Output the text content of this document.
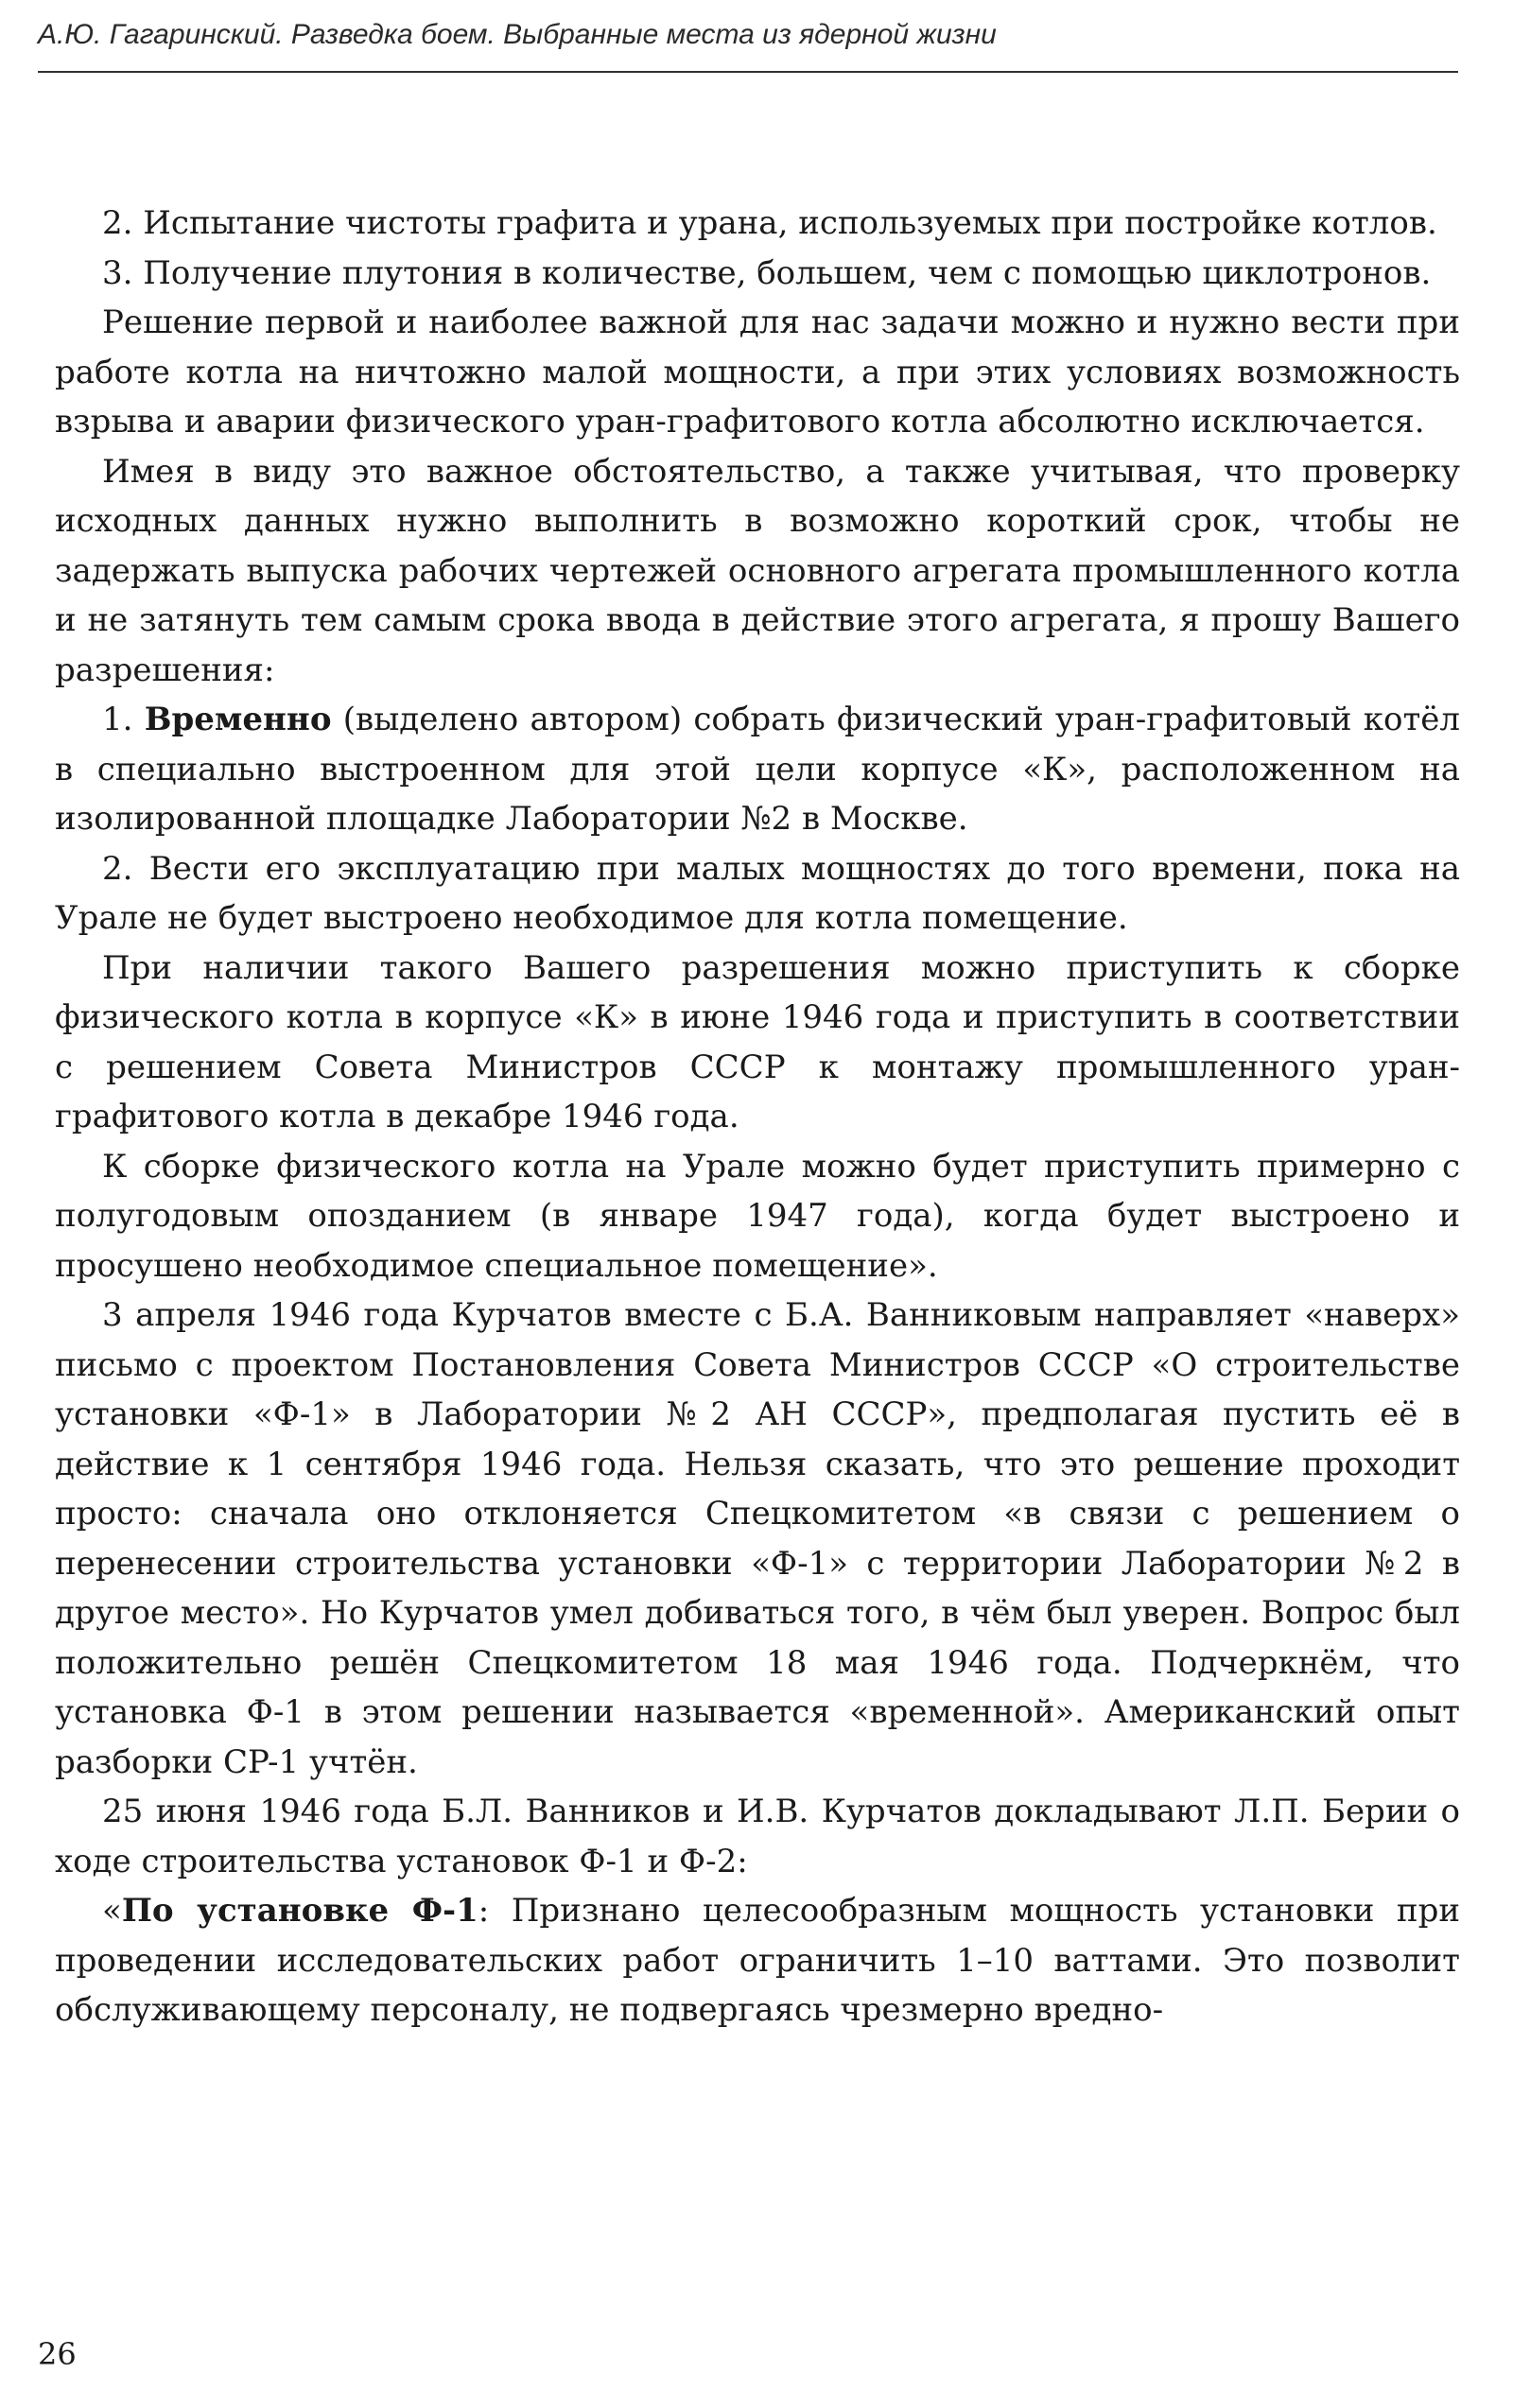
А.Ю. Гагаринский. Разведка боем. Выбранные места из ядерной жизни

2. Испытание чистоты графита и урана, используемых при постройке котлов.

3. Получение плутония в количестве, большем, чем с помощью циклотронов.

Решение первой и наиболее важной для нас задачи можно и нужно вести при работе котла на ничтожно малой мощности, а при этих условиях возможность взрыва и аварии физического уран-графитового котла абсолютно исключается.

Имея в виду это важное обстоятельство, а также учитывая, что проверку исходных данных нужно выполнить в возможно короткий срок, чтобы не задержать выпуска рабочих чертежей основного агрегата промышленного котла и не затянуть тем самым срока ввода в действие этого агрегата, я прошу Вашего разрешения:

1. Временно (выделено автором) собрать физический уран-графитовый котёл в специально выстроенном для этой цели корпусе «К», расположенном на изолированной площадке Лаборатории №2 в Москве.

2. Вести его эксплуатацию при малых мощностях до того времени, пока на Урале не будет выстроено необходимое для котла помещение.

При наличии такого Вашего разрешения можно приступить к сборке физического котла в корпусе «К» в июне 1946 года и приступить в соответствии с решением Совета Министров СССР к монтажу промышленного уран-графитового котла в декабре 1946 года.

К сборке физического котла на Урале можно будет приступить примерно с полугодовым опозданием (в январе 1947 года), когда будет выстроено и просушено необходимое специальное помещение».

3 апреля 1946 года Курчатов вместе с Б.А. Ванниковым направляет «наверх» письмо с проектом Постановления Совета Министров СССР «О строительстве установки «Ф-1» в Лаборатории №2 АН СССР», предполагая пустить её в действие к 1 сентября 1946 года. Нельзя сказать, что это решение проходит просто: сначала оно отклоняется Спецкомитетом «в связи с решением о перенесении строительства установки «Ф-1» с территории Лаборатории №2 в другое место». Но Курчатов умел добиваться того, в чём был уверен. Вопрос был положительно решён Спецкомитетом 18 мая 1946 года. Подчеркнём, что установка Ф-1 в этом решении называется «временной». Американский опыт разборки CP-1 учтён.

25 июня 1946 года Б.Л. Ванников и И.В. Курчатов докладывают Л.П. Берии о ходе строительства установок Ф-1 и Ф-2:

«По установке Ф-1: Признано целесообразным мощность установки при проведении исследовательских работ ограничить 1–10 ваттами. Это позволит обслуживающему персоналу, не подвергаясь чрезмерно вредно-

26
